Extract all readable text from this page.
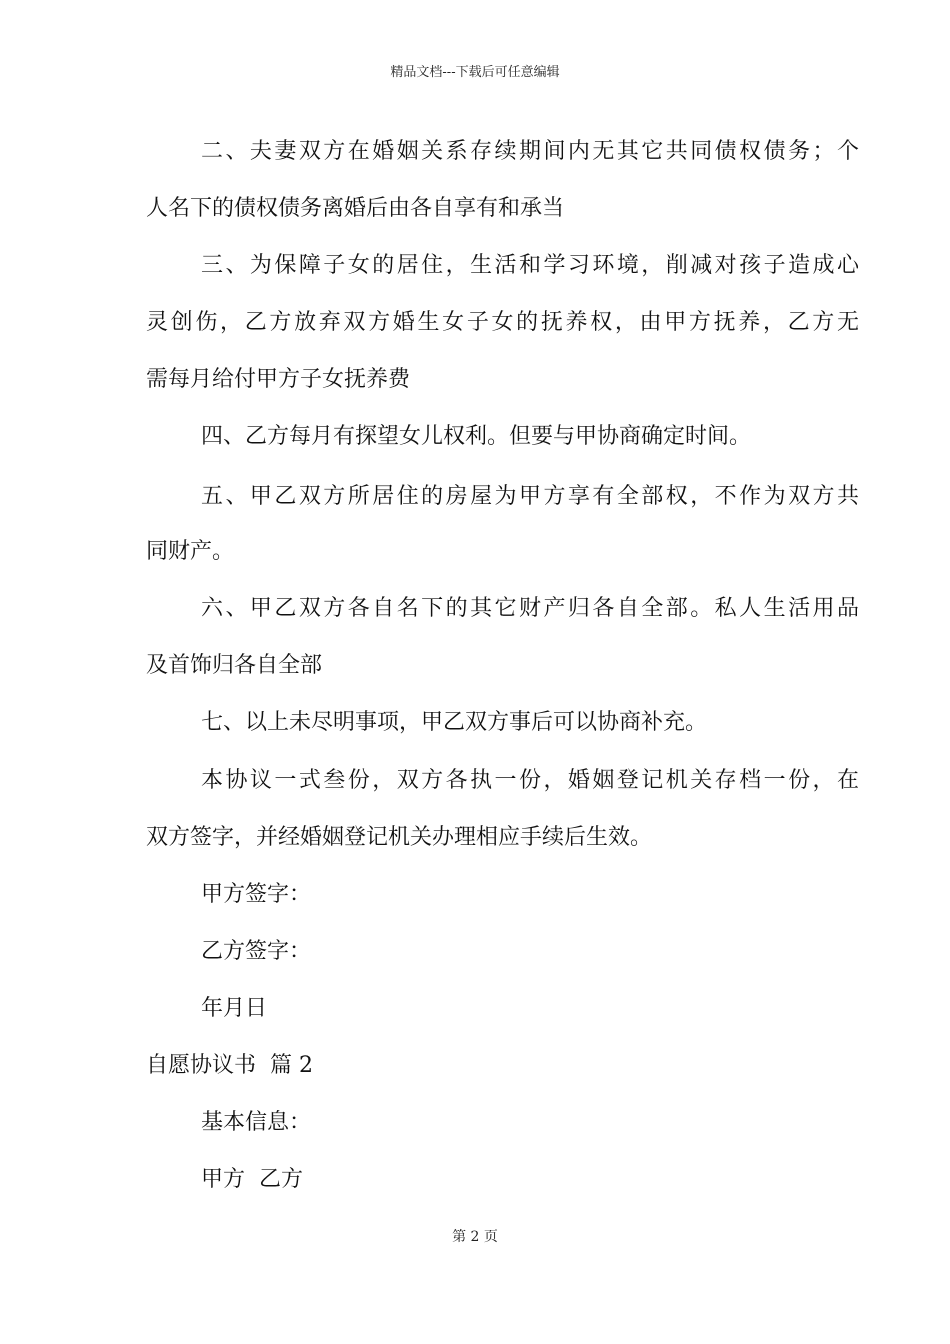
精品文档---下载后可任意编辑
二、夫妻双方在婚姻关系存续期间内无其它共同债权债务；个
人名下的债权债务离婚后由各自享有和承当
三、为保障子女的居住，生活和学习环境，削减对孩子造成心
灵创伤，乙方放弃双方婚生女子女的抚养权，由甲方抚养，乙方无
需每月给付甲方子女抚养费
四、乙方每月有探望女儿权利。但要与甲协商确定时间。
五、甲乙双方所居住的房屋为甲方享有全部权，不作为双方共
同财产。
六、甲乙双方各自名下的其它财产归各自全部。私人生活用品
及首饰归各自全部
七、以上未尽明事项，甲乙双方事后可以协商补充。
本协议一式叁份，双方各执一份，婚姻登记机关存档一份，在
双方签字，并经婚姻登记机关办理相应手续后生效。
甲方签字：
乙方签字：
年月日
自愿协议书  篇 2
基本信息：
甲方  乙方
第 2 页
